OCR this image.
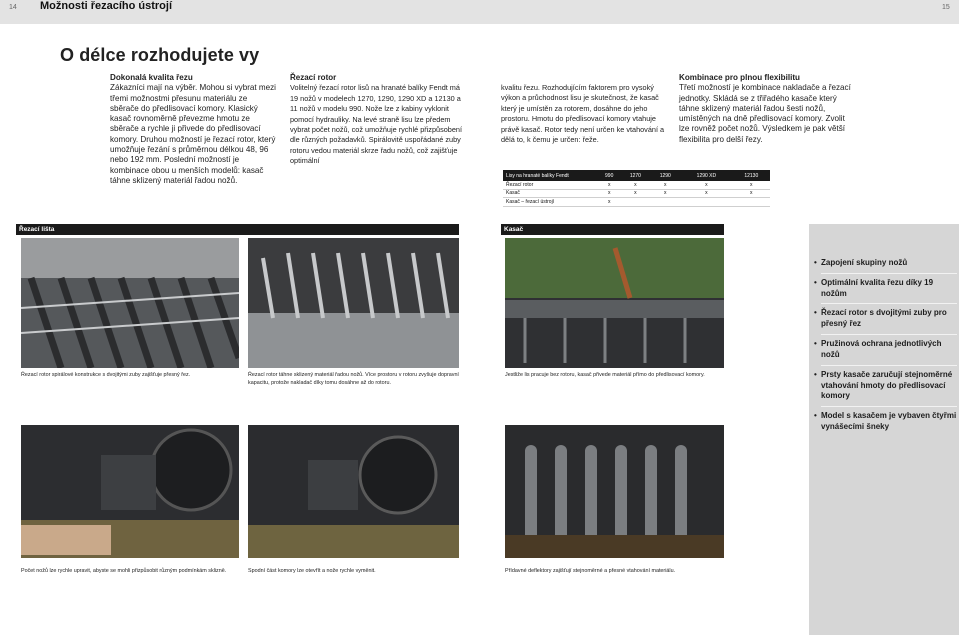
14 Možnosti řezacího ústrojí	15
O délce rozhodujete vy
Dokonalá kvalita řezu
Zákazníci mají na výběr. Mohou si vybrat mezi třemi možnostmi přesunu materiálu ze sběrače do předlisovací komory. Klasický kasač rovnoměrně převezme hmotu ze sběrače a rychle ji přivede do předlisovací komory. Druhou možností je řezací rotor, který umožňuje řezání s průměrnou délkou 48, 96 nebo 192 mm. Poslední možností je kombinace obou u menších modelů: kasač táhne sklizený materiál řadou nožů.
Řezací rotor
Volitelný řezací rotor lisů na hranaté balíky Fendt má 19 nožů v modelech 1270, 1290, 1290 XD a 12130 a 11 nožů v modelu 990. Nože lze z kabiny vyklonit pomocí hydrauliky. Na levé straně lisu lze předem vybrat počet nožů, což umožňuje rychlé přizpůsobení dle různých požadavků. Spirálovitě uspořádané zuby rotoru vedou materiál skrze řadu nožů, což zajišťuje optimální
kvalitu řezu. Rozhodujícím faktorem pro vysoký výkon a průchodnost lisu je skutečnost, že kasač který je umístěn za rotorem, dosáhne do jeho prostoru. Hmotu do předlisovací komory vtahuje právě kasač. Rotor tedy není určen ke vtahování a dělá to, k čemu je určen: řeže.
Kombinace pro plnou flexibilitu
Třetí možností je kombinace nakladače a řezací jednotky. Skládá se z třiřadého kasače který táhne sklizený materiál řadou šesti nožů, umístěných na dně předlisovací komory. Zvolit lze rovněž počet nožů. Výsledkem je pak větší flexibilita pro delší řezy.
Lisy na hranaté balíky Fendt	990	1270	1290	1290 XD	12130
Řezací rotor	x	x	x	x	x
Kasač	x	x	x	x	x
Kasač – řezací ústrojí	x				
Řezací lišta	Kasač
Řezací rotor spirálové konstrukce s dvojitými zuby zajišťuje přesný řez.	Řezací rotor táhne sklizený materiál řadou nožů. Více prostoru v rotoru zvyšuje dopravní kapacitu, protože nakladač díky tomu dosáhne až do rotoru.
Jestliže lis pracuje bez rotoru, kasač přivede materiál přímo do předlisovací komory.
Počet nožů lze rychle upravit, abyste se mohli přizpůsobit různým podmínkám sklizně.	Spodní část komory lze otevřít a nože rychle vyměnit.	Přídavné deflektory zajišťují stejnoměrné a přesné vtahování materiálu.
• Zapojení skupiny nožů
• Optimální kvalita řezu díky 19 nožům
• Řezací rotor s dvojitými zuby pro přesný řez
• Pružinová ochrana jednotlivých nožů
• Prsty kasače zaručují stejnoměrné vtahování hmoty do předlisovací komory
• Model s kasačem je vybaven čtyřmi vynášecími šneky
